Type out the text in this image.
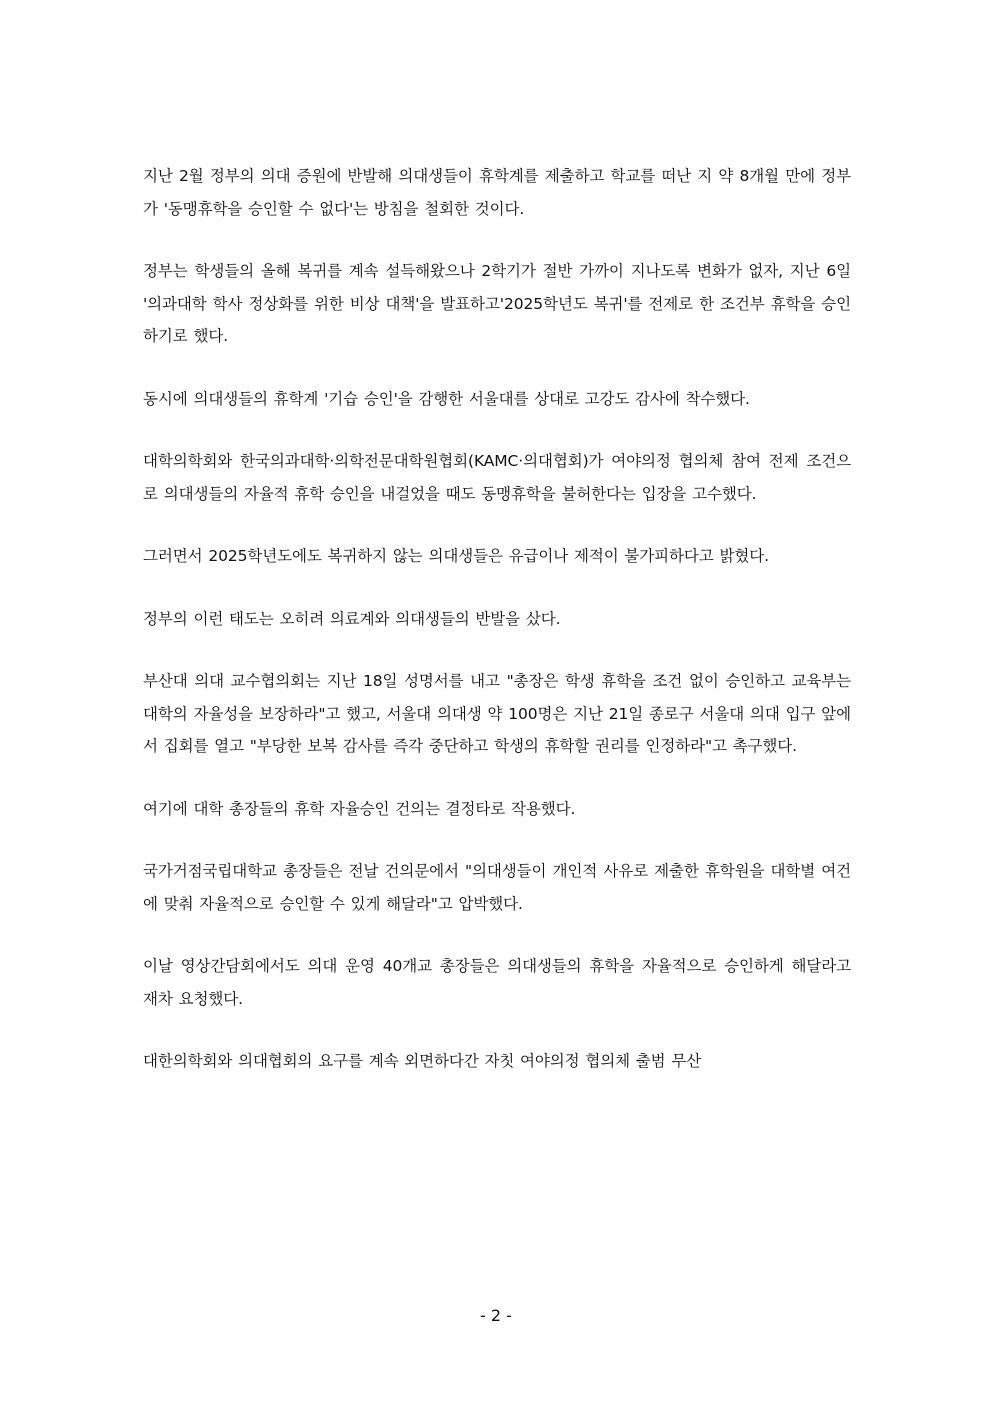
지난 2월 정부의 의대 증원에 반발해 의대생들이 휴학계를 제출하고 학교를 떠난 지 약 8개월 만에 정부가 '동맹휴학을 승인할 수 없다'는 방침을 철회한 것이다.

정부는 학생들의 올해 복귀를 계속 설득해왔으나 2학기가 절반 가까이 지나도록 변화가 없자, 지난 6일 '의과대학 학사 정상화를 위한 비상 대책'을 발표하고'2025학년도 복귀'를 전제로 한 조건부 휴학을 승인하기로 했다.

동시에 의대생들의 휴학계 '기습 승인'을 감행한 서울대를 상대로 고강도 감사에 착수했다.

대학의학회와 한국의과대학·의학전문대학원협회(KAMC·의대협회)가 여야의정 협의체 참여 전제 조건으로 의대생들의 자율적 휴학 승인을 내걸었을 때도 동맹휴학을 불허한다는 입장을 고수했다.

그러면서 2025학년도에도 복귀하지 않는 의대생들은 유급이나 제적이 불가피하다고 밝혔다.

정부의 이런 태도는 오히려 의료계와 의대생들의 반발을 샀다.

부산대 의대 교수협의회는 지난 18일 성명서를 내고 "총장은 학생 휴학을 조건 없이 승인하고 교육부는 대학의 자율성을 보장하라"고 했고, 서울대 의대생 약 100명은 지난 21일 종로구 서울대 의대 입구 앞에서 집회를 열고 "부당한 보복 감사를 즉각 중단하고 학생의 휴학할 권리를 인정하라"고 촉구했다.

여기에 대학 총장들의 휴학 자율승인 건의는 결정타로 작용했다.

국가거점국립대학교 총장들은 전날 건의문에서 "의대생들이 개인적 사유로 제출한 휴학원을 대학별 여건에 맞춰 자율적으로 승인할 수 있게 해달라"고 압박했다.

이날 영상간담회에서도 의대 운영 40개교 총장들은 의대생들의 휴학을 자율적으로 승인하게 해달라고 재차 요청했다.

대한의학회와 의대협회의 요구를 계속 외면하다간 자칫 여야의정 협의체 출범 무산

- 2 -
